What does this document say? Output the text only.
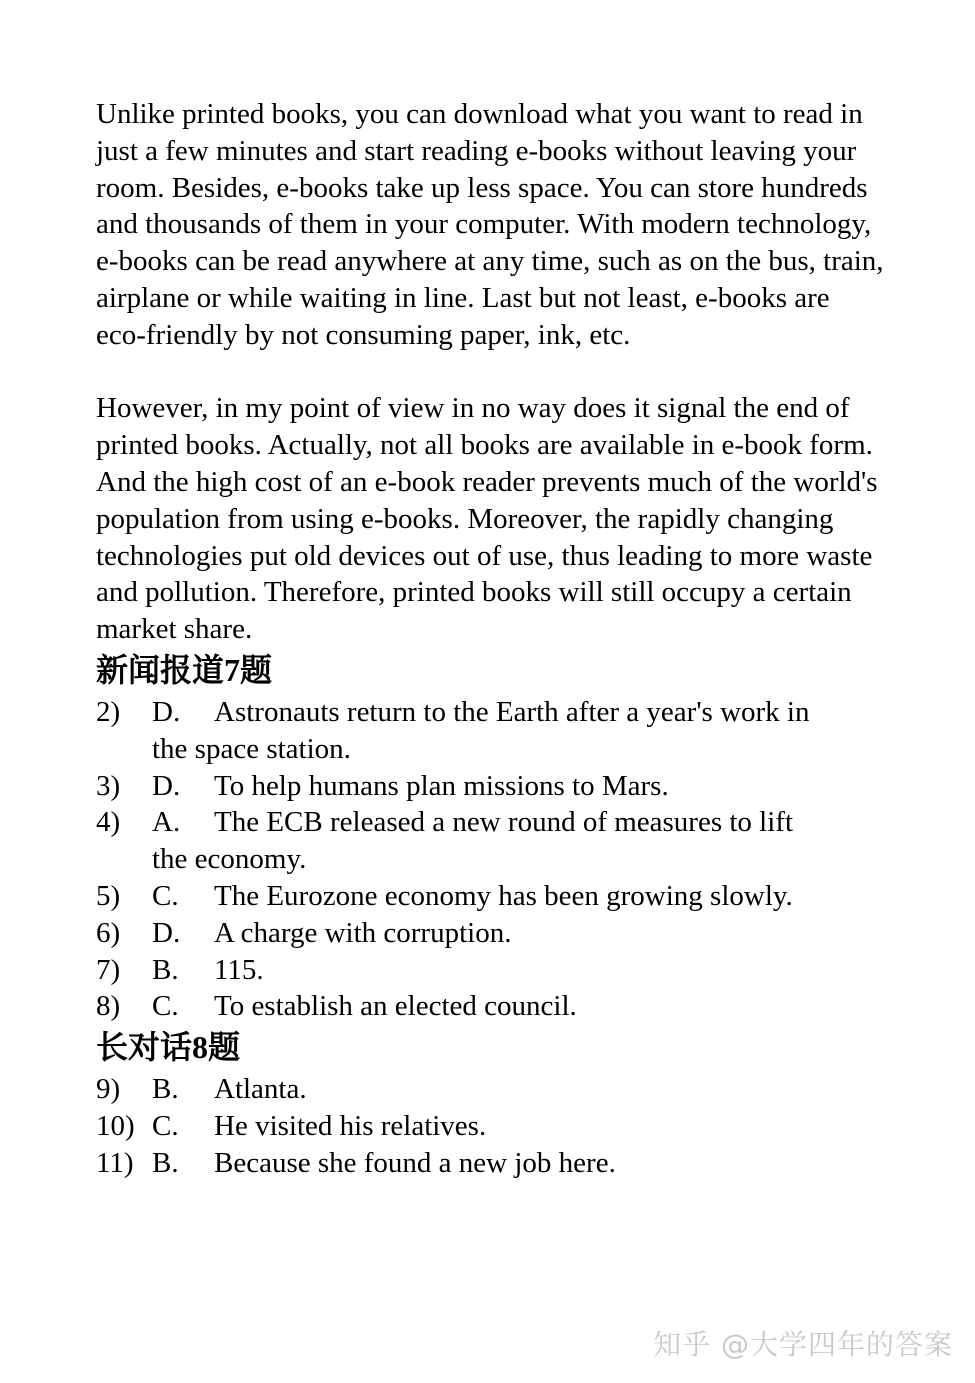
Unlike printed books, you can download what you want to read in just a few minutes and start reading e-books without leaving your room. Besides, e-books take up less space. You can store hundreds and thousands of them in your computer. With modern technology, e-books can be read anywhere at any time, such as on the bus, train, airplane or while waiting in line. Last but not least, e-books are eco-friendly by not consuming paper, ink, etc.

However, in my point of view in no way does it signal the end of printed books. Actually, not all books are available in e-book form. And the high cost of an e-book reader prevents much of the world's population from using e-books. Moreover, the rapidly changing technologies put old devices out of use, thus leading to more waste and pollution. Therefore, printed books will still occupy a certain market share.

新闻报道7题
2)	D.	Astronauts return to the Earth after a year's work in
the space station.
3)	D.	To help humans plan missions to Mars.
4)	A.	The ECB released a new round of measures to lift
the economy.
5)	C.	The Eurozone economy has been growing slowly.
6)	D.	A charge with corruption.
7)	B.	115.
8)	C.	To establish an elected council.
长对话8题
9)	B.	Atlanta.
10) C.	He visited his relatives.
11) B.	Because she found a new job here.
知乎 @大学四年的答案
